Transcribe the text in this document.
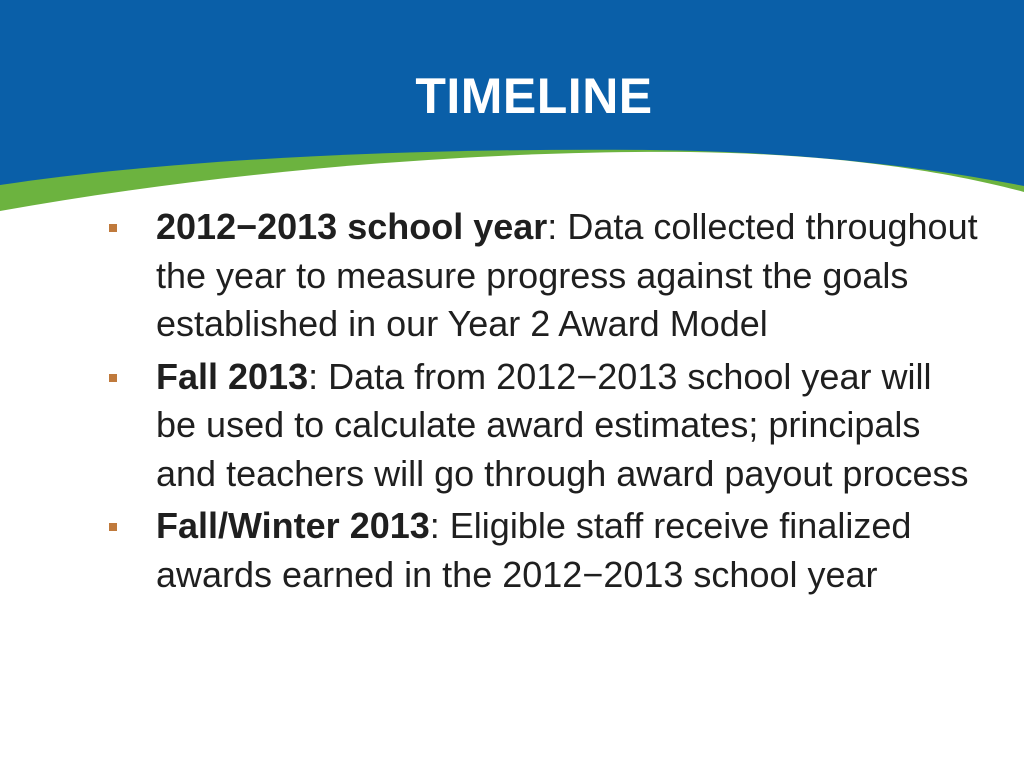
TIMELINE
2012−2013 school year: Data collected throughout the year to measure progress against the goals established in our Year 2 Award Model
Fall 2013: Data from 2012−2013 school year will be used to calculate award estimates; principals and teachers will go through award payout process
Fall/Winter 2013: Eligible staff receive finalized awards earned in the 2012−2013 school year
